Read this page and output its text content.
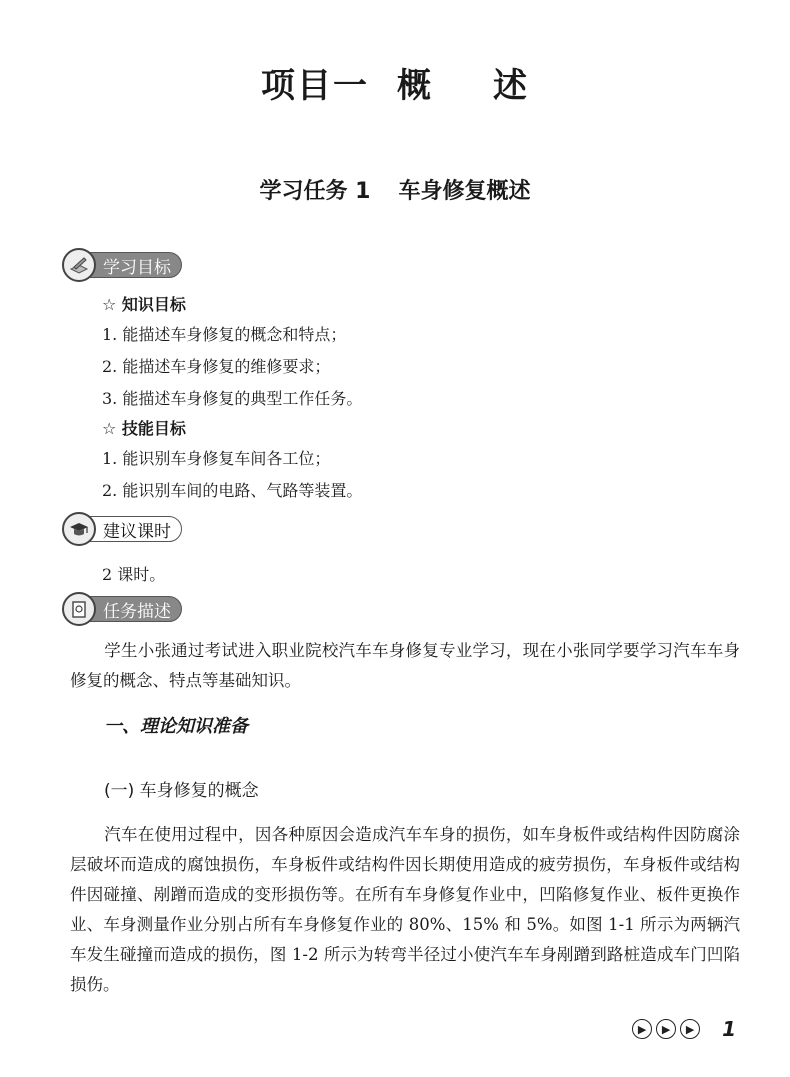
项目一 概 述
学习任务 1 车身修复概述
学习目标
☆ 知识目标
1. 能描述车身修复的概念和特点；
2. 能描述车身修复的维修要求；
3. 能描述车身修复的典型工作任务。
☆ 技能目标
1. 能识别车身修复车间各工位；
2. 能识别车间的电路、气路等装置。
建议课时
2 课时。
任务描述
学生小张通过考试进入职业院校汽车车身修复专业学习，现在小张同学要学习汽车车身修复的概念、特点等基础知识。
一、理论知识准备
(一) 车身修复的概念
汽车在使用过程中，因各种原因会造成汽车车身的损伤，如车身板件或结构件因防腐涂层破坏而造成的腐蚀损伤，车身板件或结构件因长期使用造成的疲劳损伤，车身板件或结构件因碰撞、剐蹭而造成的变形损伤等。在所有车身修复作业中，凹陷修复作业、板件更换作业、车身测量作业分别占所有车身修复作业的 80%、15% 和 5%。如图 1-1 所示为两辆汽车发生碰撞而造成的损伤，图 1-2 所示为转弯半径过小使汽车车身剐蹭到路桩造成车门凹陷损伤。
▶	▶	▶ 1
